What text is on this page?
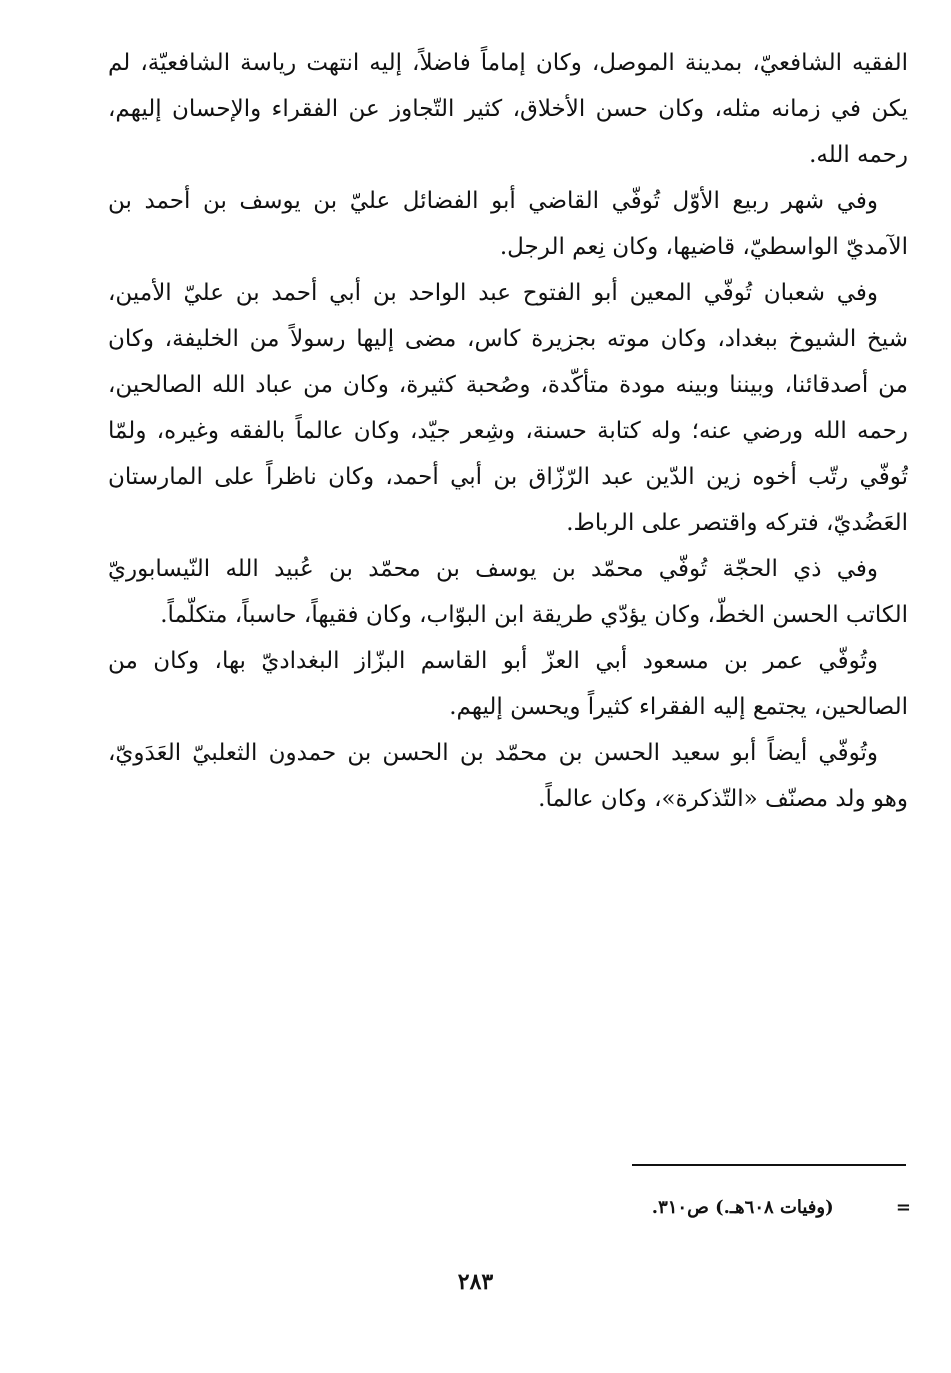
الفقيه الشافعيّ، بمدينة الموصل، وكان إماماً فاضلاً، إليه انتهت رياسة الشافعيّة، لم
يكن في زمانه مثله، وكان حسن الأخلاق، كثير التّجاوز عن الفقراء والإحسان إليهم،
رحمه الله.
وفي شهر ربيع الأوّل تُوفّي القاضي أبو الفضائل عليّ بن يوسف بن أحمد بن
الآمديّ الواسطيّ، قاضيها، وكان نِعم الرجل.
وفي شعبان تُوفّي المعين أبو الفتوح عبد الواحد بن أبي أحمد بن عليّ الأمين،
شيخ الشيوخ ببغداد، وكان موته بجزيرة كاس، مضى إليها رسولاً من الخليفة، وكان
من أصدقائنا، وبيننا وبينه مودة متأكّدة، وصُحبة كثيرة، وكان من عباد الله الصالحين،
رحمه الله ورضي عنه؛ وله كتابة حسنة، وشِعر جيّد، وكان عالماً بالفقه وغيره، ولمّا
تُوفّي رتّب أخوه زين الدّين عبد الرّزّاق بن أبي أحمد، وكان ناظراً على المارستان
العَضُديّ، فتركه واقتصر على الرباط.
وفي ذي الحجّة تُوفّي محمّد بن يوسف بن محمّد بن عُبيد الله النّيسابوريّ
الكاتب الحسن الخطّ، وكان يؤدّي طريقة ابن البوّاب، وكان فقيهاً، حاسباً، متكلّماً.
وتُوفّي عمر بن مسعود أبي العزّ أبو القاسم البزّاز البغداديّ بها، وكان من
الصالحين، يجتمع إليه الفقراء كثيراً ويحسن إليهم.
وتُوفّي أيضاً أبو سعيد الحسن بن محمّد بن الحسن بن حمدون الثعلبيّ العَدَويّ،
وهو ولد مصنّف «التّذكرة»، وكان عالماً.
= (وفيات ٦٠٨هـ.) ص٣١٠.
٢٨٣
